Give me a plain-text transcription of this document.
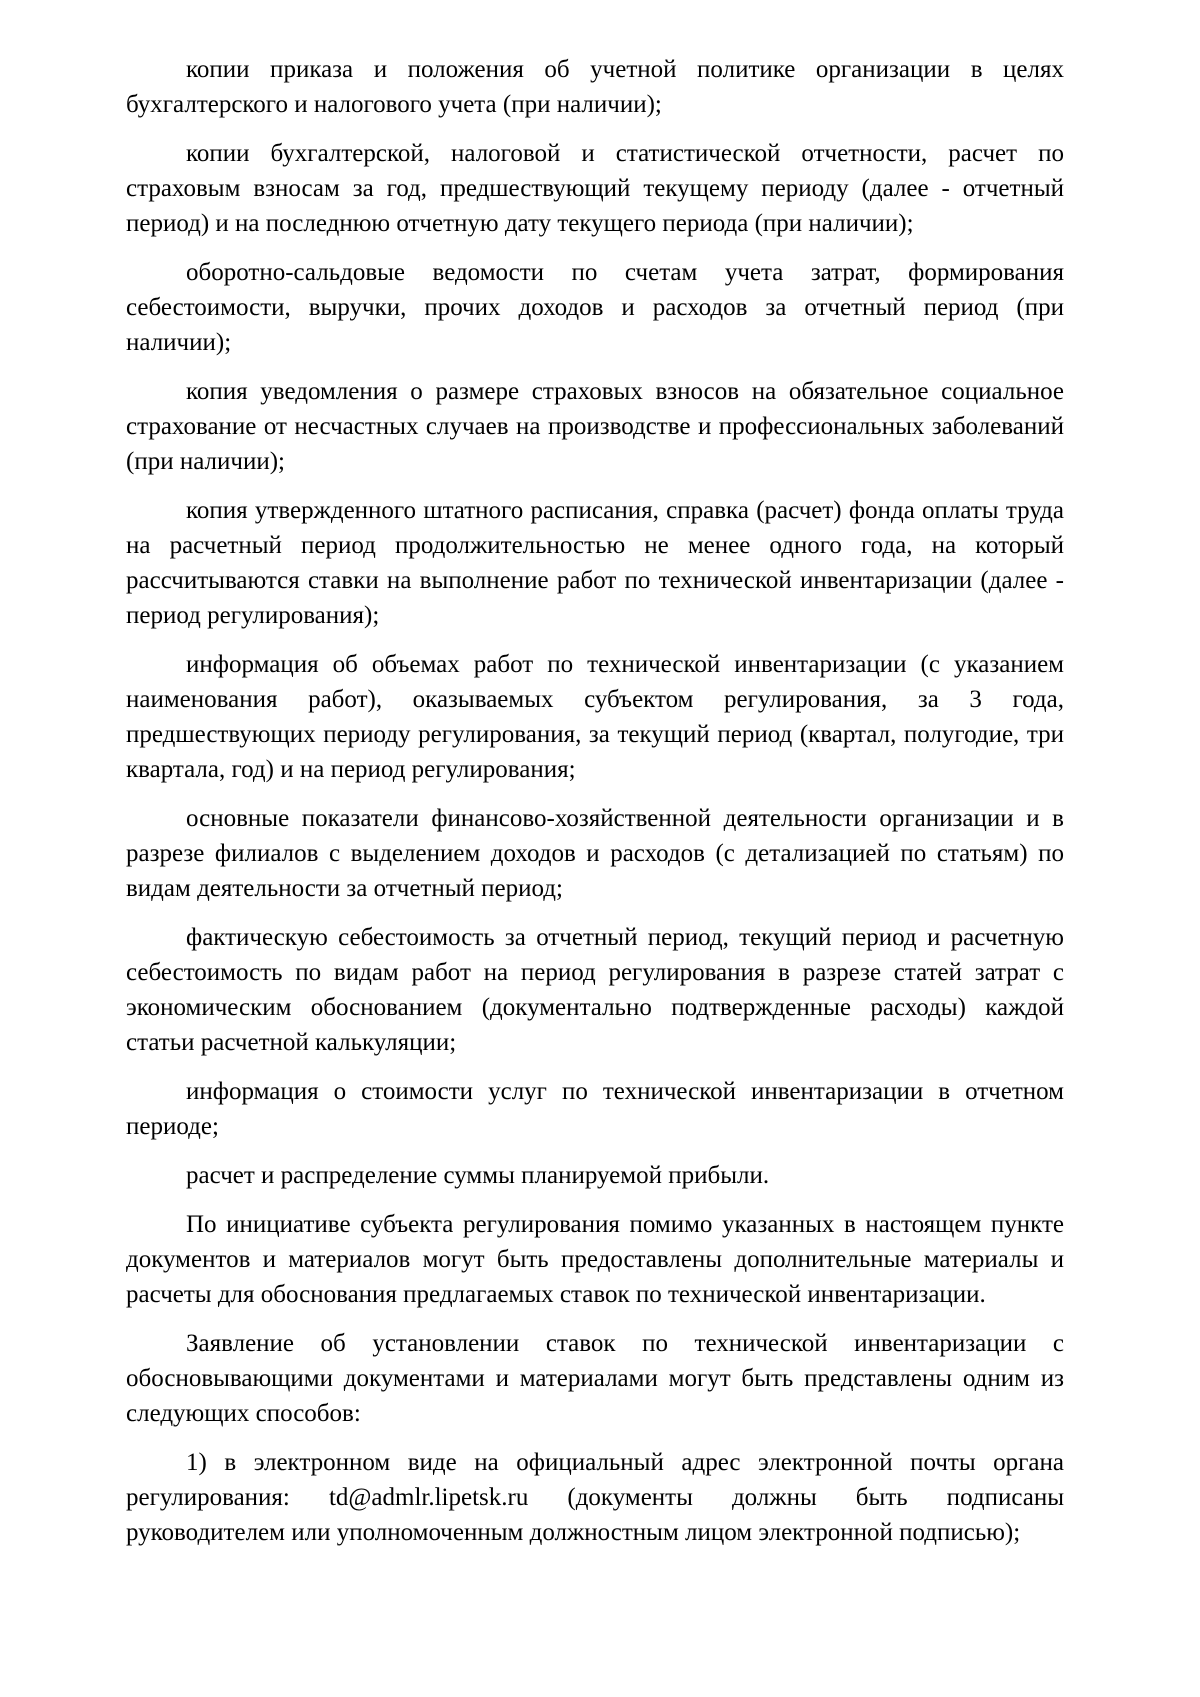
копии приказа и положения об учетной политике организации в целях бухгалтерского и налогового учета (при наличии);

копии бухгалтерской, налоговой и статистической отчетности, расчет по страховым взносам за год, предшествующий текущему периоду (далее - отчетный период) и на последнюю отчетную дату текущего периода (при наличии);

оборотно-сальдовые ведомости по счетам учета затрат, формирования себестоимости, выручки, прочих доходов и расходов за отчетный период (при наличии);

копия уведомления о размере страховых взносов на обязательное социальное страхование от несчастных случаев на производстве и профессиональных заболеваний (при наличии);

копия утвержденного штатного расписания, справка (расчет) фонда оплаты труда на расчетный период продолжительностью не менее одного года, на который рассчитываются ставки на выполнение работ по технической инвентаризации (далее - период регулирования);

информация об объемах работ по технической инвентаризации (с указанием наименования работ), оказываемых субъектом регулирования, за 3 года, предшествующих периоду регулирования, за текущий период (квартал, полугодие, три квартала, год) и на период регулирования;

основные показатели финансово-хозяйственной деятельности организации и в разрезе филиалов с выделением доходов и расходов (с детализацией по статьям) по видам деятельности за отчетный период;

фактическую себестоимость за отчетный период, текущий период и расчетную себестоимость по видам работ на период регулирования в разрезе статей затрат с экономическим обоснованием (документально подтвержденные расходы) каждой статьи расчетной калькуляции;

информация о стоимости услуг по технической инвентаризации в отчетном периоде;

расчет и распределение суммы планируемой прибыли.

По инициативе субъекта регулирования помимо указанных в настоящем пункте документов и материалов могут быть предоставлены дополнительные материалы и расчеты для обоснования предлагаемых ставок по технической инвентаризации.

Заявление об установлении ставок по технической инвентаризации с обосновывающими документами и материалами могут быть представлены одним из следующих способов:

1) в электронном виде на официальный адрес электронной почты органа регулирования: td@admlr.lipetsk.ru (документы должны быть подписаны руководителем или уполномоченным должностным лицом электронной подписью);
